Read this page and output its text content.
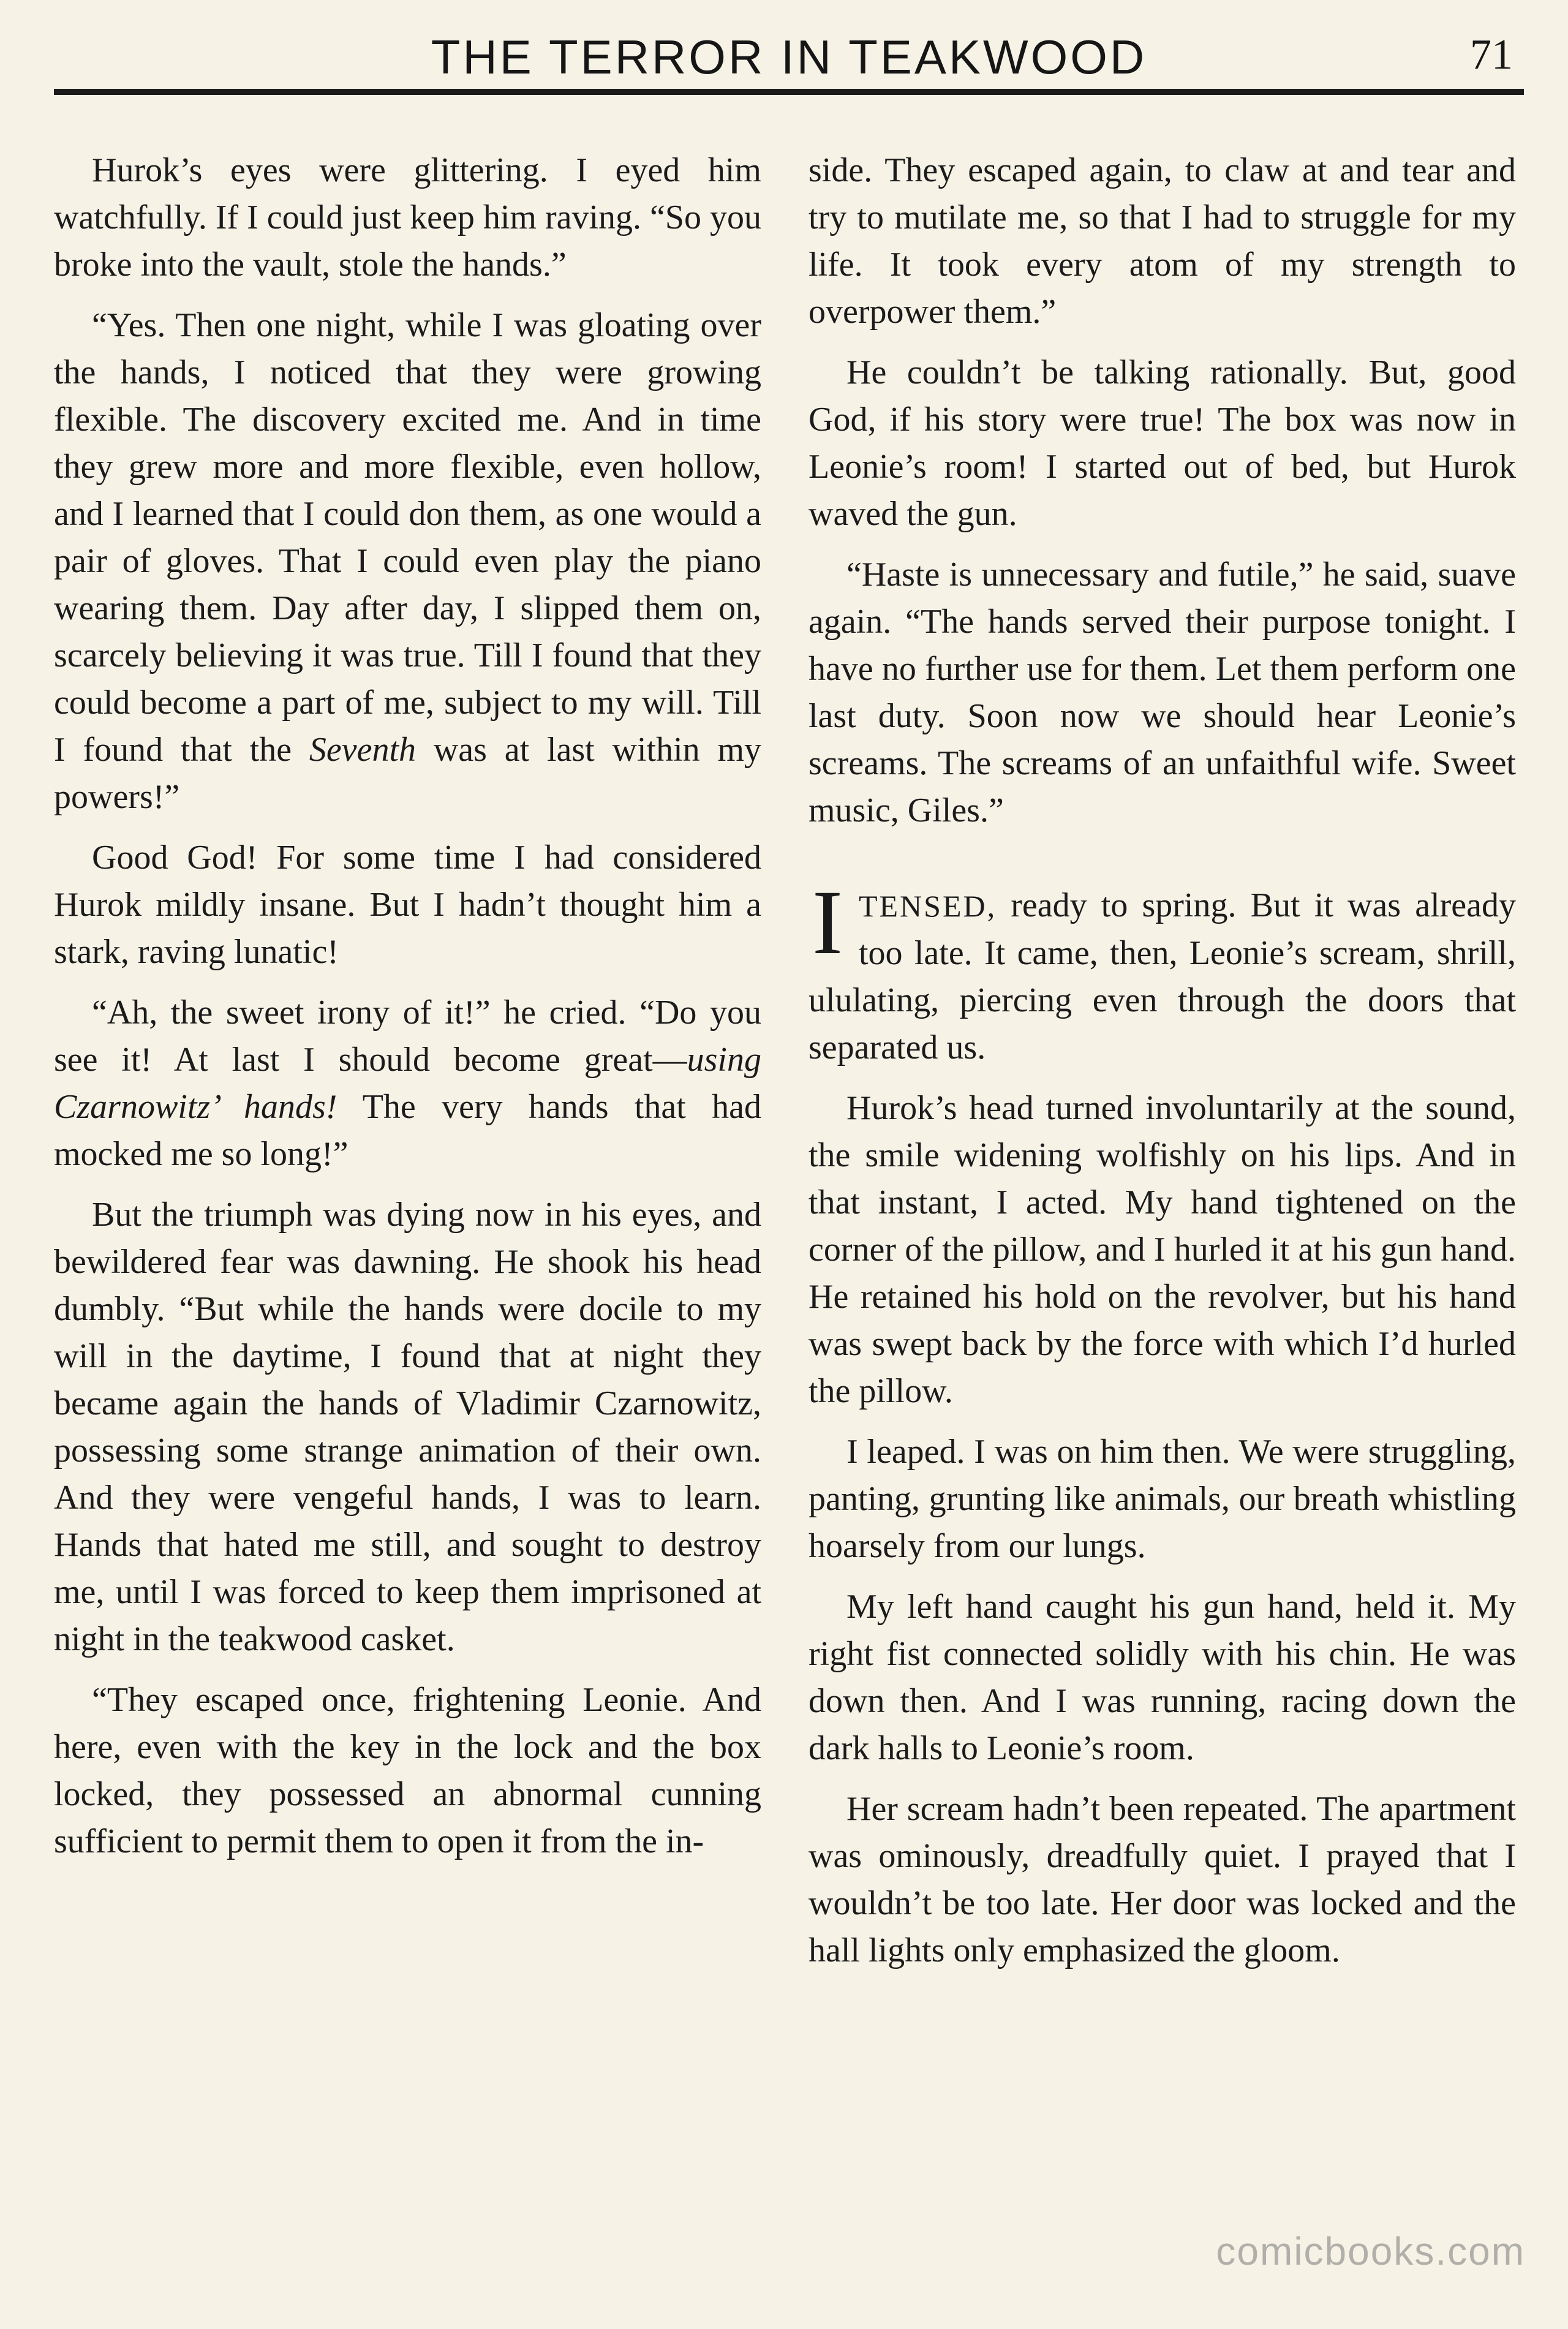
THE TERROR IN TEAKWOOD	71

Hurok’s eyes were glittering. I eyed him watchfully. If I could just keep him raving. “So you broke into the vault, stole the hands.”

“Yes. Then one night, while I was gloating over the hands, I noticed that they were growing flexible. The discovery excited me. And in time they grew more and more flexible, even hollow, and I learned that I could don them, as one would a pair of gloves. That I could even play the piano wearing them. Day after day, I slipped them on, scarcely believing it was true. Till I found that they could become a part of me, subject to my will. Till I found that the Seventh was at last within my powers!”

Good God! For some time I had considered Hurok mildly insane. But I hadn’t thought him a stark, raving lunatic!

“Ah, the sweet irony of it!” he cried. “Do you see it! At last I should become great—using Czarnowitz’ hands! The very hands that had mocked me so long!”

But the triumph was dying now in his eyes, and bewildered fear was dawning. He shook his head dumbly. “But while the hands were docile to my will in the daytime, I found that at night they became again the hands of Vladimir Czarnowitz, possessing some strange animation of their own. And they were vengeful hands, I was to learn. Hands that hated me still, and sought to destroy me, until I was forced to keep them imprisoned at night in the teakwood casket.

“They escaped once, frightening Leonie. And here, even with the key in the lock and the box locked, they possessed an abnormal cunning sufficient to permit them to open it from the in-

side. They escaped again, to claw at and tear and try to mutilate me, so that I had to struggle for my life. It took every atom of my strength to overpower them.”

He couldn’t be talking rationally. But, good God, if his story were true! The box was now in Leonie’s room! I started out of bed, but Hurok waved the gun.

“Haste is unnecessary and futile,” he said, suave again. “The hands served their purpose tonight. I have no further use for them. Let them perform one last duty. Soon now we should hear Leonie’s screams. The screams of an unfaithful wife. Sweet music, Giles.”

ITENSED, ready to spring. But it was already too late. It came, then, Leonie’s scream, shrill, ululating, piercing even through the doors that separated us.

Hurok’s head turned involuntarily at the sound, the smile widening wolfishly on his lips. And in that instant, I acted. My hand tightened on the corner of the pillow, and I hurled it at his gun hand. He retained his hold on the revolver, but his hand was swept back by the force with which I’d hurled the pillow.

I leaped. I was on him then. We were struggling, panting, grunting like animals, our breath whistling hoarsely from our lungs.

My left hand caught his gun hand, held it. My right fist connected solidly with his chin. He was down then. And I was running, racing down the dark halls to Leonie’s room.

Her scream hadn’t been repeated. The apartment was ominously, dreadfully quiet. I prayed that I wouldn’t be too late. Her door was locked and the hall lights only emphasized the gloom.

comicbooks.com
